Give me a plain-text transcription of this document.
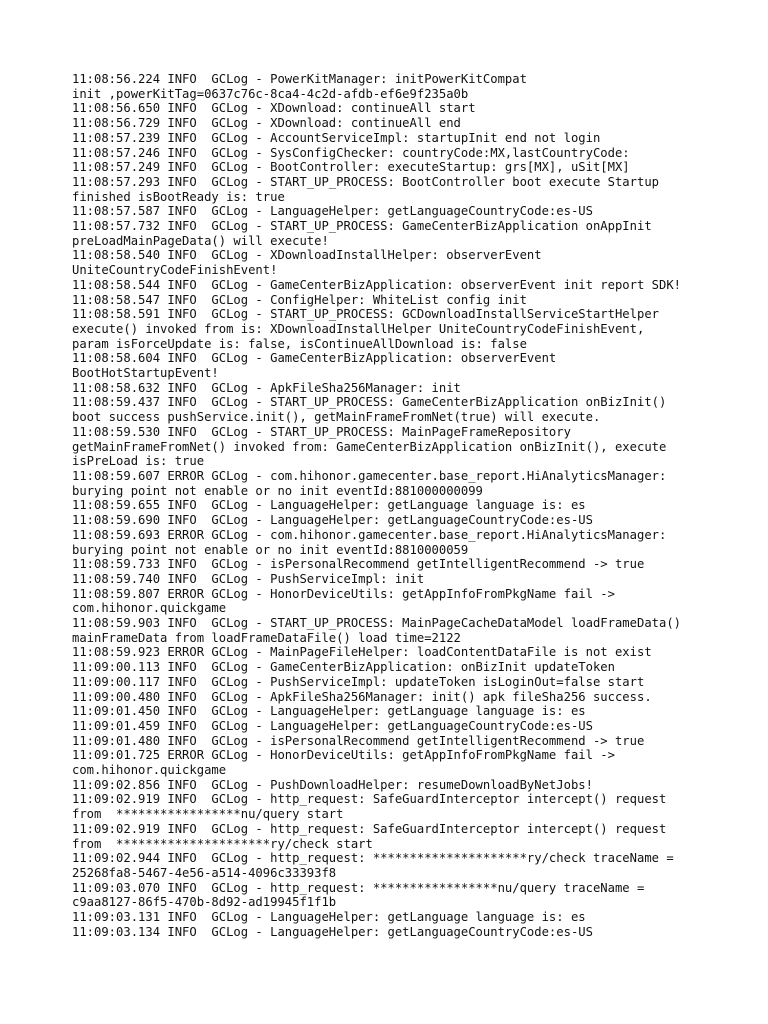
11:08:56.224 INFO  GCLog - PowerKitManager: initPowerKitCompat
init ,powerKitTag=0637c76c-8ca4-4c2d-afdb-ef6e9f235a0b
11:08:56.650 INFO  GCLog - XDownload: continueAll start
11:08:56.729 INFO  GCLog - XDownload: continueAll end
11:08:57.239 INFO  GCLog - AccountServiceImpl: startupInit end not login
11:08:57.246 INFO  GCLog - SysConfigChecker: countryCode:MX,lastCountryCode:
11:08:57.249 INFO  GCLog - BootController: executeStartup: grs[MX], uSit[MX]
11:08:57.293 INFO  GCLog - START_UP_PROCESS: BootController boot execute Startup
finished isBootReady is: true
11:08:57.587 INFO  GCLog - LanguageHelper: getLanguageCountryCode:es-US
11:08:57.732 INFO  GCLog - START_UP_PROCESS: GameCenterBizApplication onAppInit
preLoadMainPageData() will execute!
11:08:58.540 INFO  GCLog - XDownloadInstallHelper: observerEvent
UniteCountryCodeFinishEvent!
11:08:58.544 INFO  GCLog - GameCenterBizApplication: observerEvent init report SDK!
11:08:58.547 INFO  GCLog - ConfigHelper: WhiteList config init
11:08:58.591 INFO  GCLog - START_UP_PROCESS: GCDownloadInstallServiceStartHelper
execute() invoked from is: XDownloadInstallHelper UniteCountryCodeFinishEvent,
param isForceUpdate is: false, isContinueAllDownload is: false
11:08:58.604 INFO  GCLog - GameCenterBizApplication: observerEvent
BootHotStartupEvent!
11:08:58.632 INFO  GCLog - ApkFileSha256Manager: init
11:08:59.437 INFO  GCLog - START_UP_PROCESS: GameCenterBizApplication onBizInit()
boot success pushService.init(), getMainFrameFromNet(true) will execute.
11:08:59.530 INFO  GCLog - START_UP_PROCESS: MainPageFrameRepository
getMainFrameFromNet() invoked from: GameCenterBizApplication onBizInit(), execute
isPreLoad is: true
11:08:59.607 ERROR GCLog - com.hihonor.gamecenter.base_report.HiAnalyticsManager:
burying point not enable or no init eventId:881000000099
11:08:59.655 INFO  GCLog - LanguageHelper: getLanguage language is: es
11:08:59.690 INFO  GCLog - LanguageHelper: getLanguageCountryCode:es-US
11:08:59.693 ERROR GCLog - com.hihonor.gamecenter.base_report.HiAnalyticsManager:
burying point not enable or no init eventId:8810000059
11:08:59.733 INFO  GCLog - isPersonalRecommend getIntelligentRecommend -> true
11:08:59.740 INFO  GCLog - PushServiceImpl: init
11:08:59.807 ERROR GCLog - HonorDeviceUtils: getAppInfoFromPkgName fail ->
com.hihonor.quickgame
11:08:59.903 INFO  GCLog - START_UP_PROCESS: MainPageCacheDataModel loadFrameData()
mainFrameData from loadFrameDataFile() load time=2122
11:08:59.923 ERROR GCLog - MainPageFileHelper: loadContentDataFile is not exist
11:09:00.113 INFO  GCLog - GameCenterBizApplication: onBizInit updateToken
11:09:00.117 INFO  GCLog - PushServiceImpl: updateToken isLoginOut=false start
11:09:00.480 INFO  GCLog - ApkFileSha256Manager: init() apk fileSha256 success.
11:09:01.450 INFO  GCLog - LanguageHelper: getLanguage language is: es
11:09:01.459 INFO  GCLog - LanguageHelper: getLanguageCountryCode:es-US
11:09:01.480 INFO  GCLog - isPersonalRecommend getIntelligentRecommend -> true
11:09:01.725 ERROR GCLog - HonorDeviceUtils: getAppInfoFromPkgName fail ->
com.hihonor.quickgame
11:09:02.856 INFO  GCLog - PushDownloadHelper: resumeDownloadByNetJobs!
11:09:02.919 INFO  GCLog - http_request: SafeGuardInterceptor intercept() request
from  *****************nu/query start
11:09:02.919 INFO  GCLog - http_request: SafeGuardInterceptor intercept() request
from  *********************ry/check start
11:09:02.944 INFO  GCLog - http_request: *********************ry/check traceName =
25268fa8-5467-4e56-a514-4096c33393f8
11:09:03.070 INFO  GCLog - http_request: *****************nu/query traceName =
c9aa8127-86f5-470b-8d92-ad19945f1f1b
11:09:03.131 INFO  GCLog - LanguageHelper: getLanguage language is: es
11:09:03.134 INFO  GCLog - LanguageHelper: getLanguageCountryCode:es-US
